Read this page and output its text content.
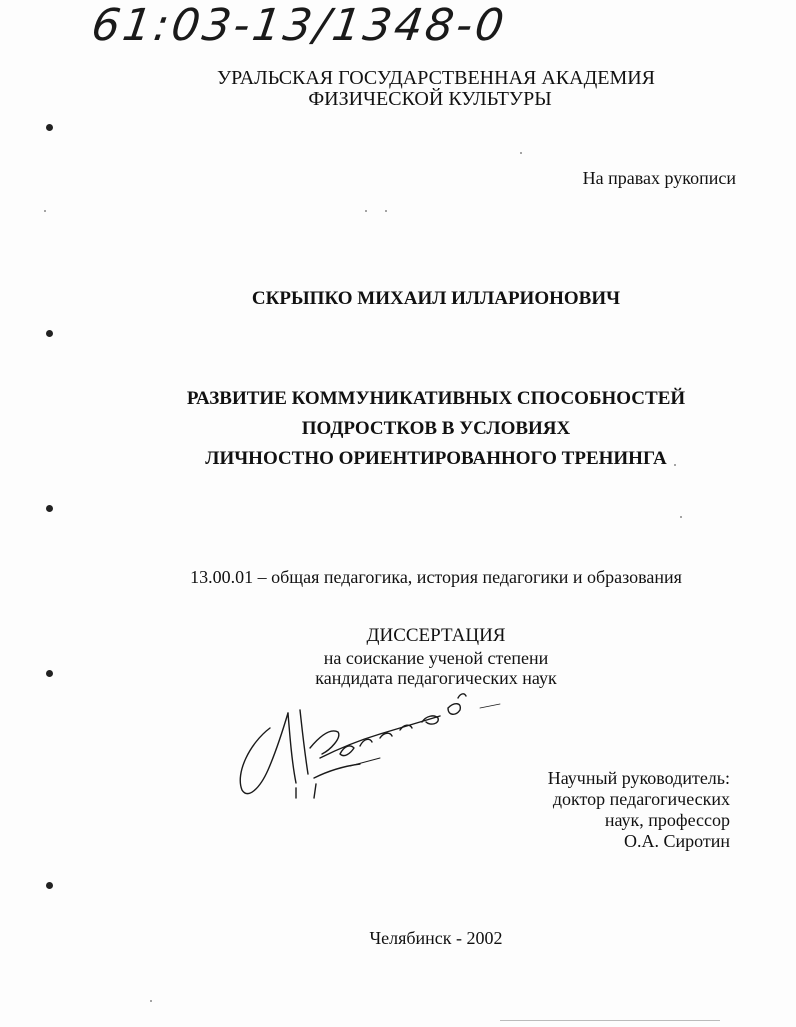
61:03-13/1348-0
УРАЛЬСКАЯ ГОСУДАРСТВЕННАЯ АКАДЕМИЯ
ФИЗИЧЕСКОЙ КУЛЬТУРЫ
На правах рукописи
СКРЫПКО МИХАИЛ ИЛЛАРИОНОВИЧ
РАЗВИТИЕ КОММУНИКАТИВНЫХ СПОСОБНОСТЕЙ
ПОДРОСТКОВ В УСЛОВИЯХ
ЛИЧНОСТНО ОРИЕНТИРОВАННОГО ТРЕНИНГА
13.00.01 – общая педагогика, история педагогики и образования
ДИССЕРТАЦИЯ
на соискание ученой степени
кандидата педагогических наук
Научный руководитель:
доктор педагогических
наук, профессор
О.А. Сиротин
Челябинск - 2002
